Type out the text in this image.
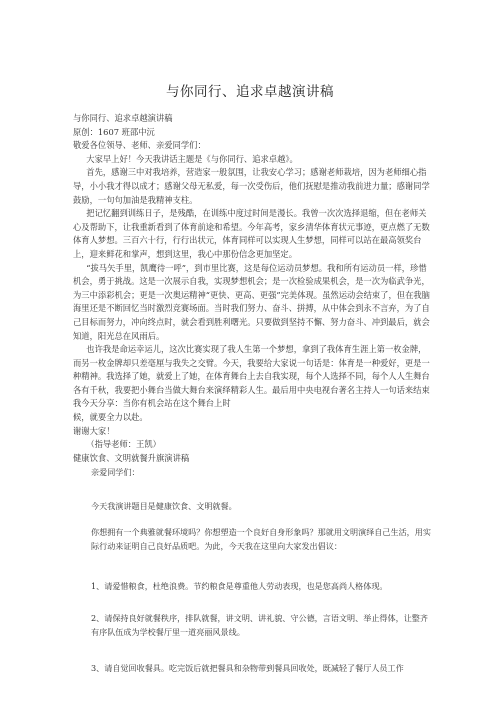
与你同行、追求卓越演讲稿

与你同行、追求卓越演讲稿

原创：1607 班邵中沅

敬爱各位领导、老师、亲爱同学们：

大家早上好！今天我讲话主题是《与你同行、追求卓越》。

首先，感谢三中对我培养，营造家一般氛围，让我安心学习；感谢老师栽培，因为老师细心指导，小小我才得以成才；感谢父母无私爱，每一次受伤后，他们抚慰是推动我前进力量；感谢同学鼓励，一句句加油是我精神支柱。

把记忆翻到训练日子，是残酷，在训练中度过时间是漫长。我曾一次次选择退缩，但在老师关心及帮助下，让我重新看到了体育前途和希望。今年高考，家乡清华体育状元事迹，更点燃了无数体育人梦想。三百六十行，行行出状元，体育同样可以实现人生梦想，同样可以站在最高领奖台上，迎来鲜花和掌声，想到这里，我心中那份信念更加坚定。

“拔马矢手里，凯鹰待一呼”，到市里比赛，这是每位运动员梦想。我和所有运动员一样，珍惜机会，勇于挑战。这是一次展示自我，实现梦想机会；是一次检验成果机会，是一次为临武争光，为三中添彩机会；更是一次奥运精神“更快、更高、更强”完美体现。虽然运动会结束了，但在我脑海里还是不断回忆当时激烈竞赛场面。当时我们努力、奋斗、拼搏，从中体会到永不言弃，为了自己目标而努力，冲向终点时，就会看到胜利曙光。只要做到坚持不懈、努力奋斗、冲到最后，就会知道，阳光总在风雨后。

也许我是命运幸运儿，这次比赛实现了我人生第一个梦想，拿到了我体育生涯上第一枚金牌，而另一枚金牌却只差毫厘与我失之交臂。今天，我要给大家说一句话是：体育是一种爱好，更是一种精神。我选择了她，就爱上了她，在体育舞台上去自我实现，每个人选择不同，每个人人生舞台各有千秋，我要把小舞台当做大舞台来演绎精彩人生。最后用中央电视台著名主持人一句话来结束我今天分享：当你有机会站在这个舞台上时

候，就要全力以赴。

谢谢大家！

（指导老师：王凯）

健康饮食、文明就餐升旗演讲稿

亲爱同学们：

今天我演讲题目是健康饮食、文明就餐。

你想拥有一个典雅就餐环境吗？你想塑造一个良好自身形象吗？那就用文明演绎自己生活，用实际行动来证明自己良好品质吧。为此，今天我在这里向大家发出倡议：

1、请爱惜粮食，杜绝浪费。节约粮食是尊重他人劳动表现，也是您高尚人格体现。

2、请保持良好就餐秩序，排队就餐，讲文明、讲礼貌、守公德，言语文明、举止得体，让整齐有序队伍成为学校餐厅里一道亮丽风景线。

3、请自觉回收餐具。吃完饭后就把餐具和杂物带到餐具回收处，既减轻了餐厅人员工作
